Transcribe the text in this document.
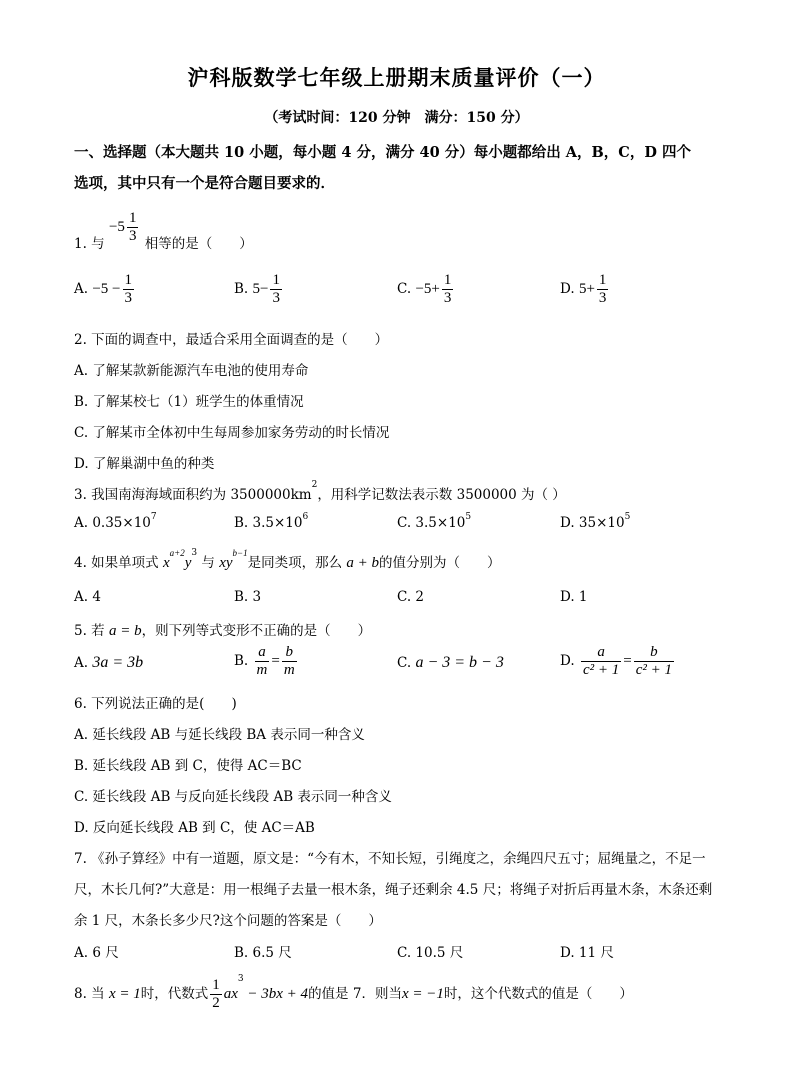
沪科版数学七年级上册期末质量评价（一）
（考试时间：120 分钟　满分：150 分）
一、选择题（本大题共 10 小题，每小题 4 分，满分 40 分）每小题都给出 A，B，C，D 四个
选项，其中只有一个是符合题目要求的．
1. 与 $-5 \frac{1}{3}$ 相等的是（　　）
A. $-5 - \frac{1}{3}$	B. $5- \frac{1}{3}$	C. $-5+ \frac{1}{3}$	D. $5+ \frac{1}{3}$
2. 下面的调查中，最适合采用全面调查的是（　　）
A. 了解某款新能源汽车电池的使用寿命
B. 了解某校七（1）班学生的体重情况
C. 了解某市全体初中生每周参加家务劳动的时长情况
D. 了解巢湖中鱼的种类
3. 我国南海海域面积约为 $3500000km^2$，用科学记数法表示数 3500000 为（ ）
A. $0.35\times 10^7$	B. $3.5\times 10^6$	C. $3.5\times 10^5$	D. $35\times 10^5$
4. 如果单项式 $x^{a+2}y^3$ 与 $xy^{b-1}$是同类项，那么 a + b的值分别为（　　）
A. 4	B. 3	C. 2	D. 1
5. 若 a = b，则下列等式变形不正确的是（　　）
A. 3a = 3b	B. $\frac{a}{m} = \frac{b}{m}$	C. a − 3 = b − 3	D. $\frac{a}{\text{c² + 1}} = \frac{b}{\text{c² + 1}}$
6. 下列说法正确的是(　　)
A. 延长线段 AB 与延长线段 BA 表示同一种含义
B. 延长线段 AB 到 C，使得 AC＝BC
C. 延长线段 AB 与反向延长线段 AB 表示同一种含义
D. 反向延长线段 AB 到 C，使 AC＝AB
7. 《孙子算经》中有一道题，原文是：“今有木，不知长短，引绳度之，余绳四尺五寸；屈绳量之，不足一
尺，木长几何?”大意是：用一根绳子去量一根木条，绳子还剩余 4.5 尺；将绳子对折后再量木条，木条还剩
余 1 尺，木条长多少尺?这个问题的答案是（　　）
A. 6 尺	B. 6.5 尺	C. 10.5 尺	D. 11 尺
8. 当 x = 1时，代数式 $\frac{1}{2} ax^3 - 3bx + 4$的值是 7．则当x = −1时，这个代数式的值是（　　）
